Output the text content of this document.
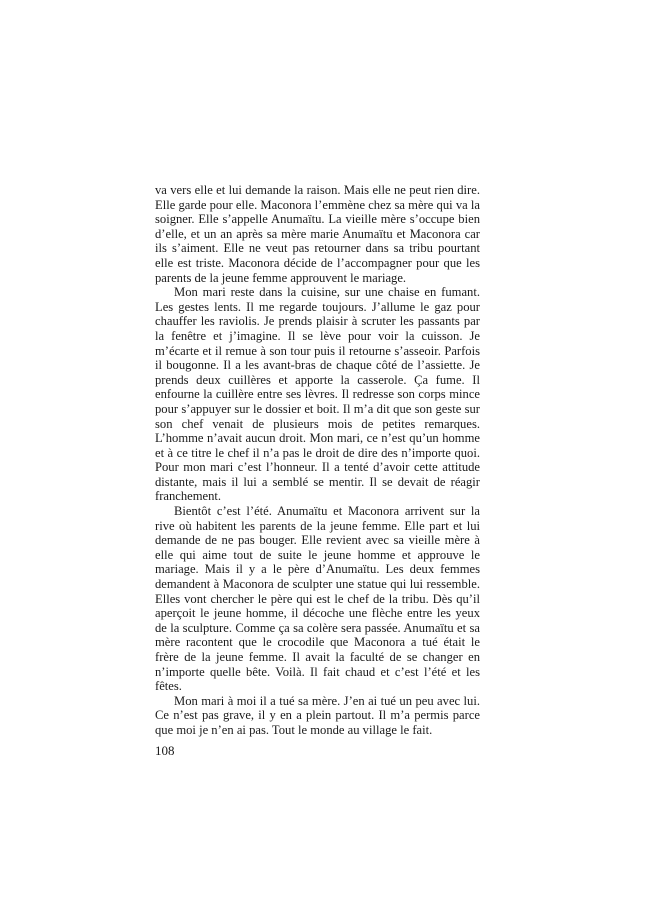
va vers elle et lui demande la raison. Mais elle ne peut rien dire. Elle garde pour elle. Maconora l’emmène chez sa mère qui va la soigner. Elle s’appelle Anumaïtu. La vieille mère s’occupe bien d’elle, et un an après sa mère marie Anumaïtu et Maconora car ils s’aiment. Elle ne veut pas retourner dans sa tribu pourtant elle est triste. Maconora décide de l’accompagner pour que les parents de la jeune femme approuvent le mariage.

Mon mari reste dans la cuisine, sur une chaise en fumant. Les gestes lents. Il me regarde toujours. J’allume le gaz pour chauffer les raviolis. Je prends plaisir à scruter les passants par la fenêtre et j’imagine. Il se lève pour voir la cuisson. Je m’écarte et il remue à son tour puis il retourne s’asseoir. Parfois il bougonne. Il a les avant-bras de chaque côté de l’assiette. Je prends deux cuillères et apporte la casserole. Ça fume. Il enfourne la cuillère entre ses lèvres. Il redresse son corps mince pour s’appuyer sur le dossier et boit. Il m’a dit que son geste sur son chef venait de plusieurs mois de petites remarques. L’homme n’avait aucun droit. Mon mari, ce n’est qu’un homme et à ce titre le chef il n’a pas le droit de dire des n’importe quoi. Pour mon mari c’est l’honneur. Il a tenté d’avoir cette attitude distante, mais il lui a semblé se mentir. Il se devait de réagir franchement.

Bientôt c’est l’été. Anumaïtu et Maconora arrivent sur la rive où habitent les parents de la jeune femme. Elle part et lui demande de ne pas bouger. Elle revient avec sa vieille mère à elle qui aime tout de suite le jeune homme et approuve le mariage. Mais il y a le père d’Anumaïtu. Les deux femmes demandent à Maconora de sculpter une statue qui lui ressemble. Elles vont chercher le père qui est le chef de la tribu. Dès qu’il aperçoit le jeune homme, il décoche une flèche entre les yeux de la sculpture. Comme ça sa colère sera passée. Anumaïtu et sa mère racontent que le crocodile que Maconora a tué était le frère de la jeune femme. Il avait la faculté de se changer en n’importe quelle bête. Voilà. Il fait chaud et c’est l’été et les fêtes.

Mon mari à moi il a tué sa mère. J’en ai tué un peu avec lui. Ce n’est pas grave, il y en a plein partout. Il m’a permis parce que moi je n’en ai pas. Tout le monde au village le fait.

108
